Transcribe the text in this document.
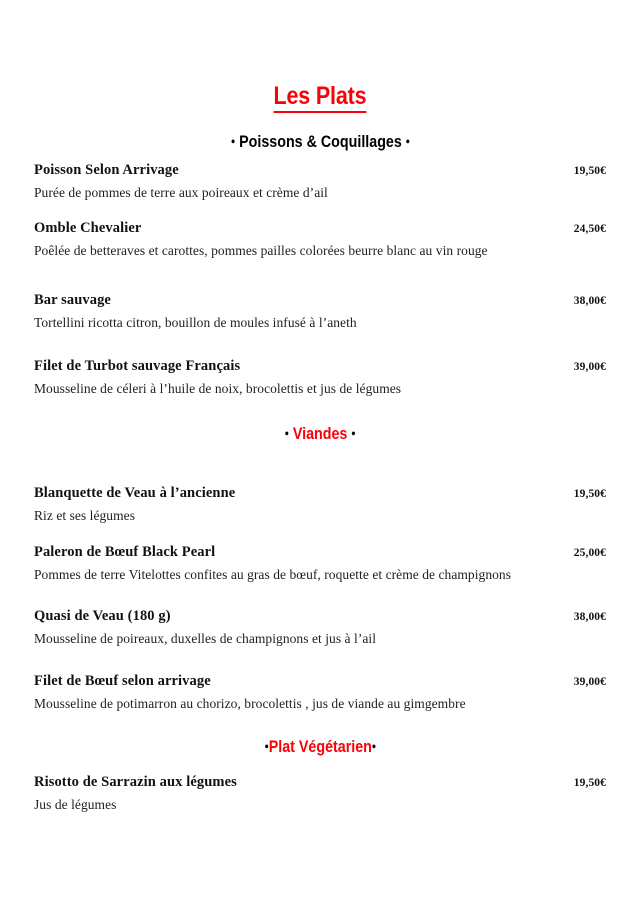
Les Plats
• Poissons & Coquillages •
Poisson Selon Arrivage	19,50€
Purée de pommes de terre aux poireaux et crème d’ail
Omble Chevalier	24,50€
Poêlée de betteraves et carottes, pommes pailles colorées beurre blanc au vin rouge
Bar sauvage	38,00€
Tortellini ricotta citron, bouillon de moules infusé à l’aneth
Filet de Turbot sauvage Français	39,00€
Mousseline de céleri à l’huile de noix, brocolettis et jus de légumes
• Viandes •
Blanquette de Veau à l’ancienne	19,50€
Riz et ses légumes
Paleron de Bœuf Black Pearl	25,00€
Pommes de terre Vitelottes confites au gras de bœuf, roquette et crème de champignons
Quasi de Veau (180 g)	38,00€
Mousseline de poireaux, duxelles de champignons et jus à l’ail
Filet de Bœuf selon arrivage	39,00€
Mousseline de potimarron au chorizo, brocolettis , jus de viande au gimgembre
•Plat Végétarien•
Risotto de Sarrazin aux légumes	19,50€
Jus de légumes
